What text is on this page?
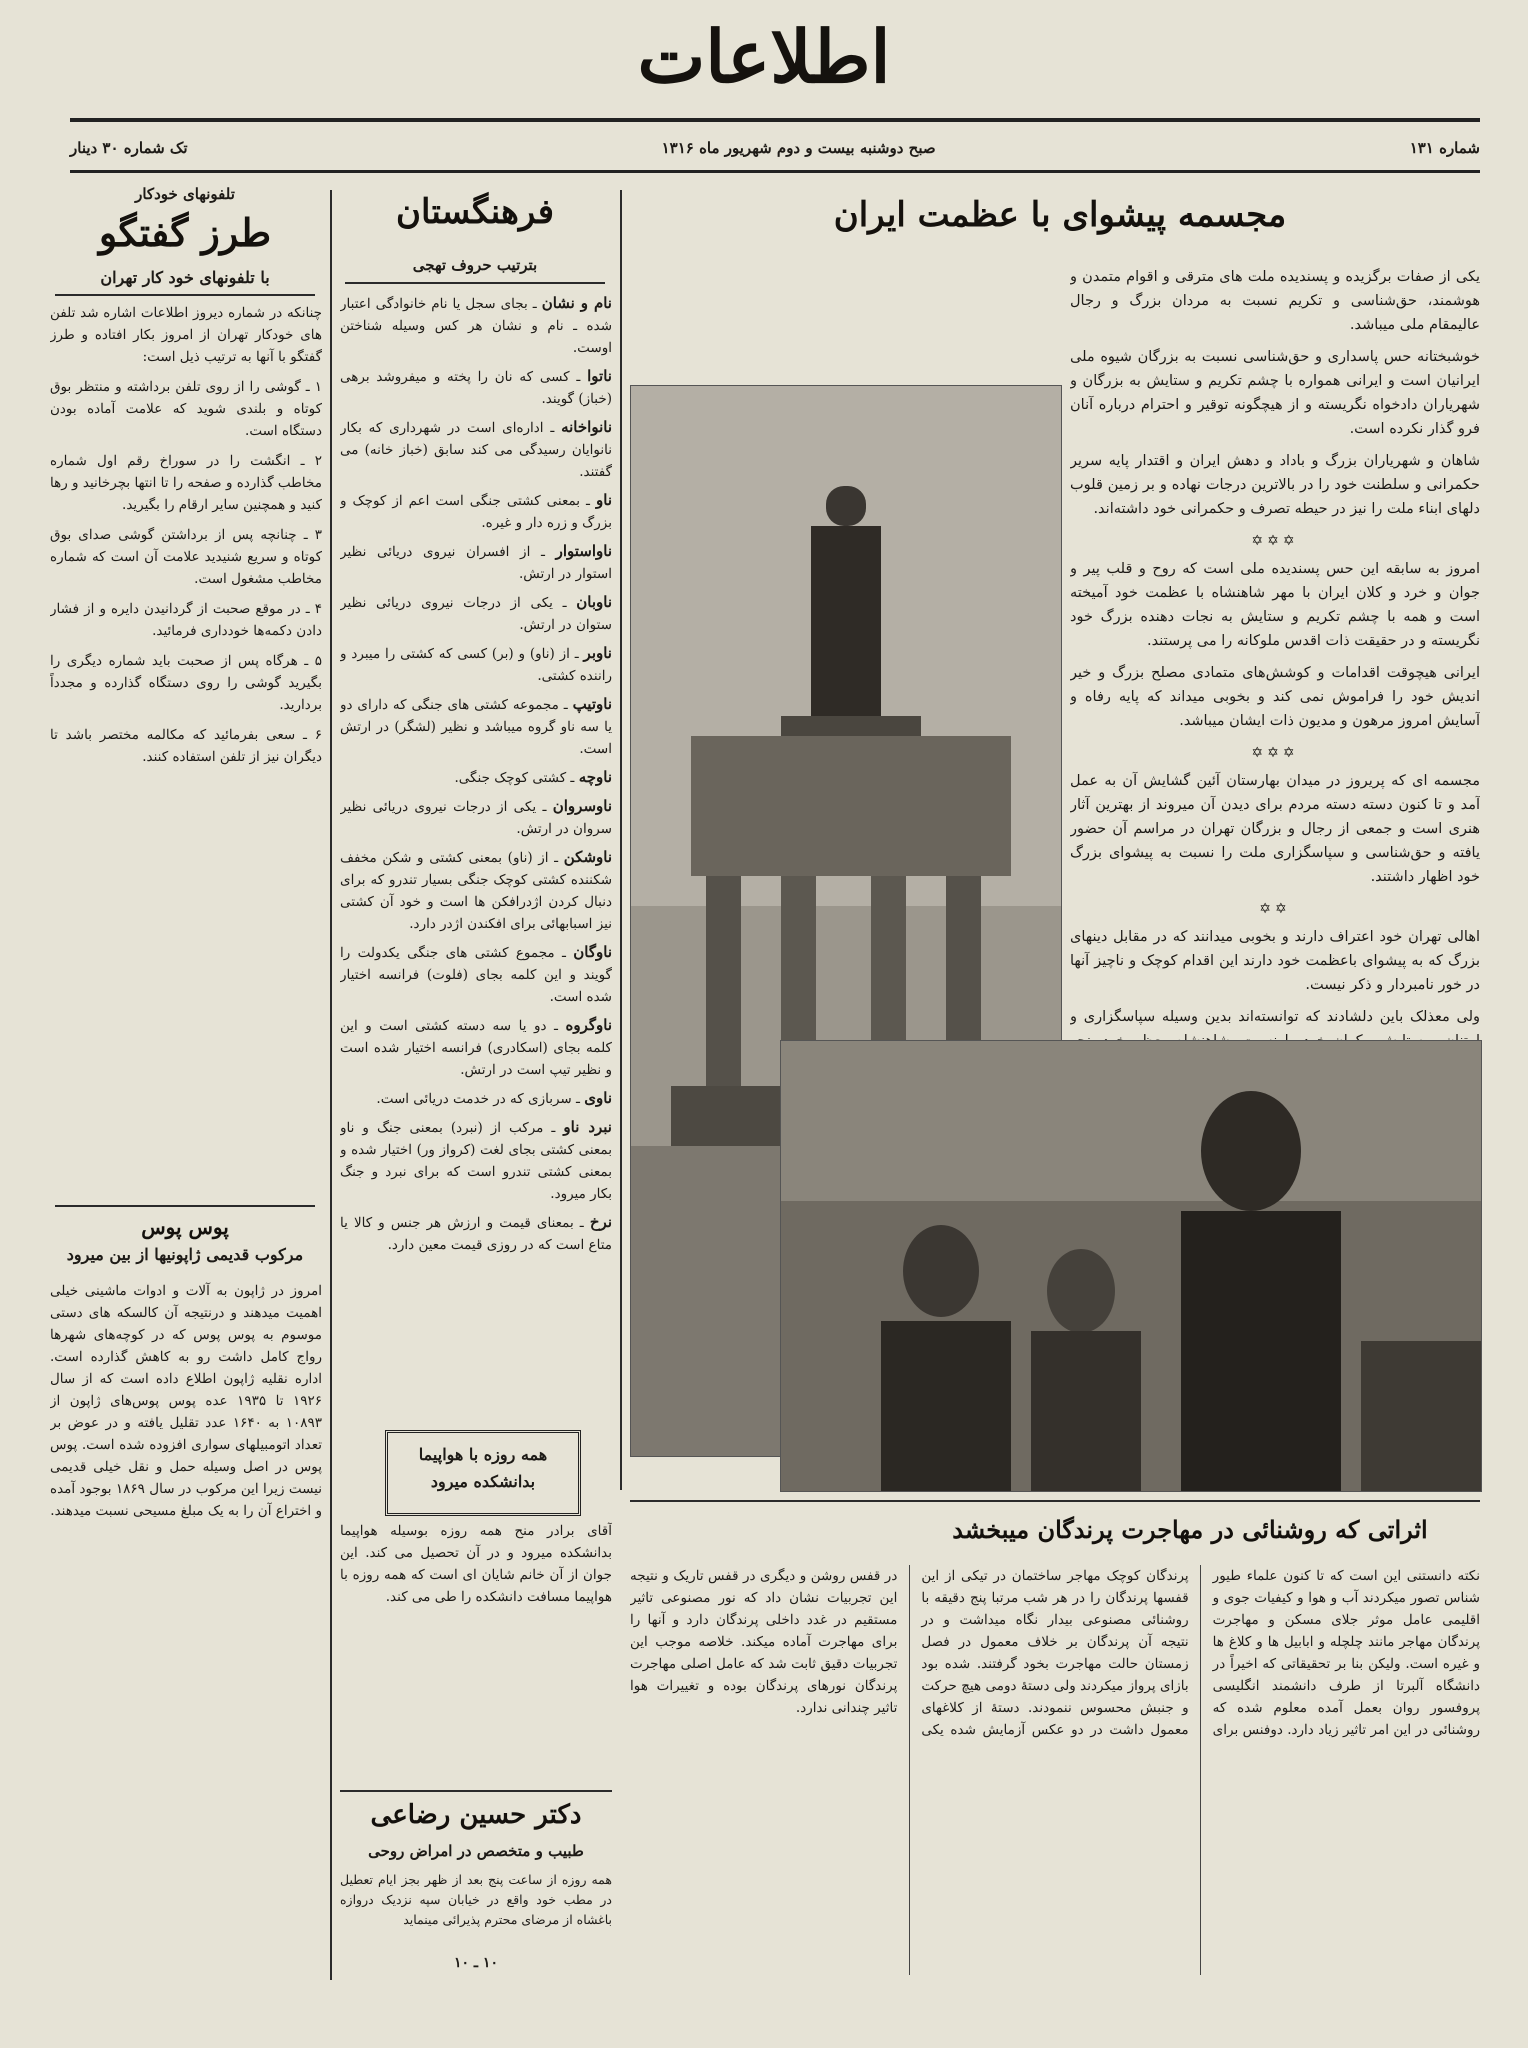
اطلاعات
شماره ۱۳۱
صبح دوشنبه بیست و دوم شهریور ماه ۱۳۱۶
تک شماره ۳۰ دینار
مجسمه پیشوای با عظمت ایران

یکی از صفات برگزیده و پسندیده ملت های مترقی و اقوام متمدن و هوشمند، حق‌شناسی و تکریم نسبت به مردان بزرگ و رجال عالیمقام ملی میباشد.

خوشبختانه حس پاسداری و حق‌شناسی نسبت به بزرگان شیوه ملی ایرانیان است و ایرانی همواره با چشم تکریم و ستایش به بزرگان و شهریاران دادخواه نگریسته و از هیچگونه توقیر و احترام درباره آنان فرو گذار نکرده است.

شاهان و شهریاران بزرگ و باداد و دهش ایران و اقتدار پایه سریر حکمرانی و سلطنت خود را در بالاترین درجات نهاده و بر زمین قلوب دلهای ابناء ملت را نیز در حیطه تصرف و حکمرانی خود داشته‌اند.

✡✡✡

امروز به سابقه این حس پسندیده ملی است که روح و قلب پیر و جوان و خرد و کلان ایران با مهر شاهنشاه با عظمت خود آمیخته است و همه با چشم تکریم و ستایش به نجات دهنده بزرگ خود نگریسته و در حقیقت ذات اقدس ملوکانه را می پرستند.

ایرانی هیچوقت اقدامات و کوشش‌های متمادی مصلح بزرگ و خیر اندیش خود را فراموش نمی کند و بخوبی میداند که پایه رفاه و آسایش امروز مرهون و مدیون ذات ایشان میباشد.

✡✡✡

مجسمه ای که پریروز در میدان بهارستان آئین گشایش آن به عمل آمد و تا کنون دسته دسته مردم برای دیدن آن میروند از بهترین آثار هنری است و جمعی از رجال و بزرگان تهران در مراسم آن حضور یافته و حق‌شناسی و سپاسگزاری ملت را نسبت به پیشوای بزرگ خود اظهار داشتند.

✡✡

اهالی تهران خود اعتراف دارند و بخوبی میدانند که در مقابل دینهای بزرگ که به پیشوای باعظمت خود دارند این اقدام کوچک و ناچیز آنها در خور نامبردار و ذکر نیست.

ولی معذلک باین دلشادند که توانسته‌اند بدین وسیله سپاسگزاری و

فرهنگستان
بترتیب حروف تهجی
نام و نشان ـ بجای سجل یا نام خانوادگی اعتبار شده ـ نام و نشان هر کس وسیله شناختن اوست.
ناتوا ـ کسی که نان را پخته و میفروشد برهی (خباز) گویند.
نانواخانه ـ اداره‌ای است در شهرداری که بکار نانوایان رسیدگی می کند سابق (خباز خانه) می گفتند.
ناو ـ بمعنی کشتی جنگی است اعم از کوچک و بزرگ و زره دار و غیره.
ناواستوار ـ از افسران نیروی دریائی نظیر استوار در ارتش.
ناوبان ـ یکی از درجات نیروی دریائی نظیر ستوان در ارتش.
ناوبر ـ از (ناو) و (بر) کسی که کشتی را میبرد و راننده کشتی.
ناوتیپ ـ مجموعه کشتی های جنگی که دارای دو یا سه ناو گروه میباشد و نظیر (لشگر) در ارتش است.
ناوچه ـ کشتی کوچک جنگی.
ناوسروان ـ یکی از درجات نیروی دریائی نظیر سروان در ارتش.
ناوشکن ـ از (ناو) بمعنی کشتی و شکن مخفف شکننده کشتی کوچک جنگی بسیار تندرو که برای دنبال کردن اژدرافکن ها است و خود آن کشتی نیز اسبابهائی برای افکندن اژدر دارد.
ناوگان ـ مجموع کشتی های جنگی یکدولت را گویند و این کلمه بجای (فلوت) فرانسه اختیار شده است.
ناوگروه ـ دو یا سه دسته کشتی است و این کلمه بجای (اسکادری) فرانسه اختیار شده است و نظیر تیپ است در ارتش.
ناوی ـ سربازی که در خدمت دریائی است.
نبرد ناو ـ مرکب از (نبرد) بمعنی جنگ و ناو بمعنی کشتی بجای لغت (کرواز ور) اختیار شده و بمعنی کشتی تندرو است که برای نبرد و جنگ بکار میرود.
نرخ ـ بمعنای قیمت و ارزش هر جنس و کالا یا متاع است که در روزی قیمت معین دارد.
همه روزه با هواپیما
بدانشکده میرود
آقای برادر منح همه روزه بوسیله هواپیما بدانشکده میرود و در آن تحصیل می کند. این جوان از آن خانم شایان ای است که همه روزه با هواپیما مسافت دانشکده را طی می کند.
تلفونهای خودکار
طرز گفتگو
با تلفونهای خود کار تهران

چنانکه در شماره دیروز اطلاعات اشاره شد تلفن های خودکار تهران از امروز بکار افتاده و طرز گفتگو با آنها به ترتیب ذیل است:

۱ ـ گوشی را از روی تلفن برداشته و منتظر بوق کوتاه و بلندی شوید که علامت آماده بودن دستگاه است.

۲ ـ انگشت را در سوراخ رقم اول شماره مخاطب گذارده و صفحه را تا انتها بچرخانید و رها کنید و همچنین سایر ارقام را بگیرید.

۳ ـ چنانچه پس از برداشتن گوشی صدای بوق کوتاه و سریع شنیدید علامت آن است که شماره مخاطب مشغول است.

۴ ـ در موقع صحبت از گردانیدن دایره و از فشار دادن دکمه‌ها خودداری فرمائید.

۵ ـ هرگاه پس از صحبت باید شماره دیگری را بگیرید گوشی را روی دستگاه گذارده و مجدداً بردارید.

۶ ـ سعی بفرمائید که مکالمه مختصر باشد تا دیگران نیز از تلفن استفاده کنند.

پوس پوس
مرکوب قدیمی ژاپونیها از بین میرود
امروز در ژاپون به آلات و ادوات ماشینی خیلی اهمیت میدهند و درنتیجه آن کالسکه های دستی موسوم به پوس پوس که در کوچه‌های شهرها رواج کامل داشت رو به کاهش گذارده است. اداره نقلیه ژاپون اطلاع داده است که از سال ۱۹۲۶ تا ۱۹۳۵ عده پوس پوس‌های ژاپون از ۱۰۸۹۳ به ۱۶۴۰ عدد تقلیل یافته و در عوض بر تعداد اتومبیلهای سواری افزوده شده است. پوس پوس در اصل وسیله حمل و نقل خیلی قدیمی نیست زیرا این مرکوب در سال ۱۸۶۹ بوجود آمده و اختراع آن را به یک مبلغ مسیحی نسبت میدهند.
اثراتی که روشنائی در مهاجرت پرندگان میبخشد
نکته دانستنی این است که تا کنون علماء طیور شناس تصور میکردند آب و هوا و کیفیات جوی و اقلیمی عامل موثر جلای مسکن و مهاجرت پرندگان مهاجر مانند چلچله و ابابیل ها و کلاغ ها و غیره است. ولیکن بنا بر تحقیقاتی که اخیراً در دانشگاه آلبرتا از طرف دانشمند انگلیسی پروفسور روان بعمل آمده معلوم شده که روشنائی در این امر تاثیر زیاد دارد. دوفنس برای پرندگان کوچک مهاجر ساختمان در تیکی از این قفسها پرندگان را در هر شب مرتبا پنج دقیقه با روشنائی مصنوعی بیدار نگاه میداشت و در نتیجه آن پرندگان بر خلاف معمول در فصل زمستان حالت مهاجرت بخود گرفتند. شده بود بازای پرواز میکردند ولی دستهٔ دومی هیچ حرکت و جنبش محسوس ننمودند. دستهٔ از کلاغهای معمول داشت در دو عکس آزمایش شده یکی در قفس روشن و دیگری در قفس تاریک و نتیجه این تجربیات نشان داد که نور مصنوعی تاثیر مستقیم در غدد داخلی پرندگان دارد و آنها را برای مهاجرت آماده میکند. خلاصه موجب این تجربیات دقیق ثابت شد که عامل اصلی مهاجرت پرندگان نورهای پرندگان بوده و تغییرات هوا تاثیر چندانی ندارد.
دکتر حسین رضاعی
طبیب و متخصص در امراض روحی
همه روزه از ساعت پنج بعد از ظهر بجز ایام تعطیل در مطب خود واقع در خیابان سپه نزدیک دروازه باغشاه از مرضای محترم پذیرائی مینماید
۱۰ ـ ۱۰
